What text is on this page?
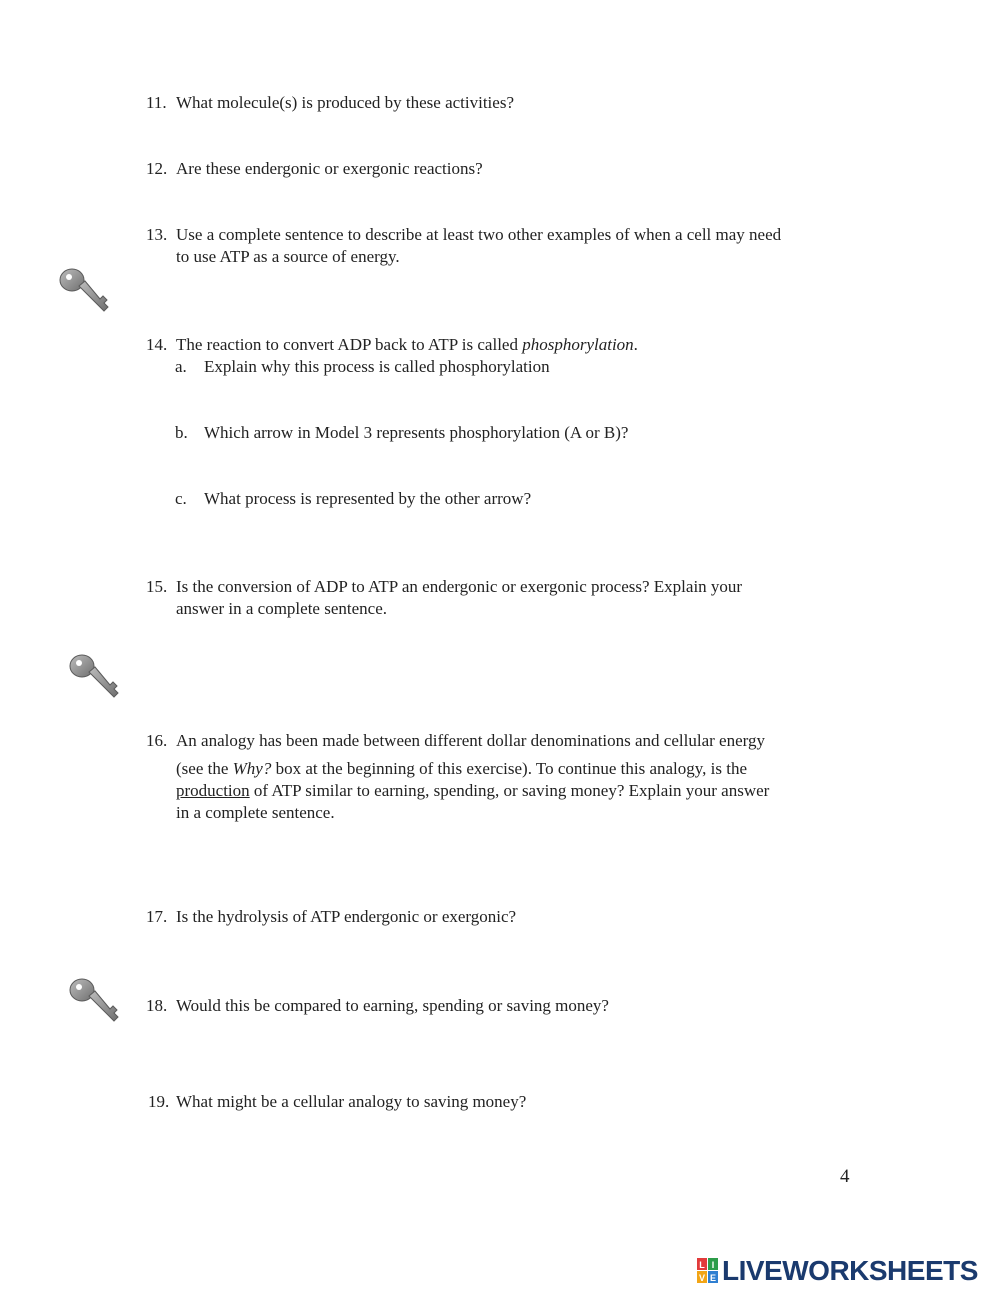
11. What molecule(s) is produced by these activities?
12. Are these endergonic or exergonic reactions?
13. Use a complete sentence to describe at least two other examples of when a cell may need
to use ATP as a source of energy.
14. The reaction to convert ADP back to ATP is called phosphorylation.
a. Explain why this process is called phosphorylation
b. Which arrow in Model 3 represents phosphorylation (A or B)?
c. What process is represented by the other arrow?
15. Is the conversion of ADP to ATP an endergonic or exergonic process? Explain your
answer in a complete sentence.
16. An analogy has been made between different dollar denominations and cellular energy
(see the Why? box at the beginning of this exercise). To continue this analogy, is the
production of ATP similar to earning, spending, or saving money? Explain your answer
in a complete sentence.
17. Is the hydrolysis of ATP endergonic or exergonic?
18. Would this be compared to earning, spending or saving money?
19. What might be a cellular analogy to saving money?
4
L I
V E LIVEWORKSHEETS
